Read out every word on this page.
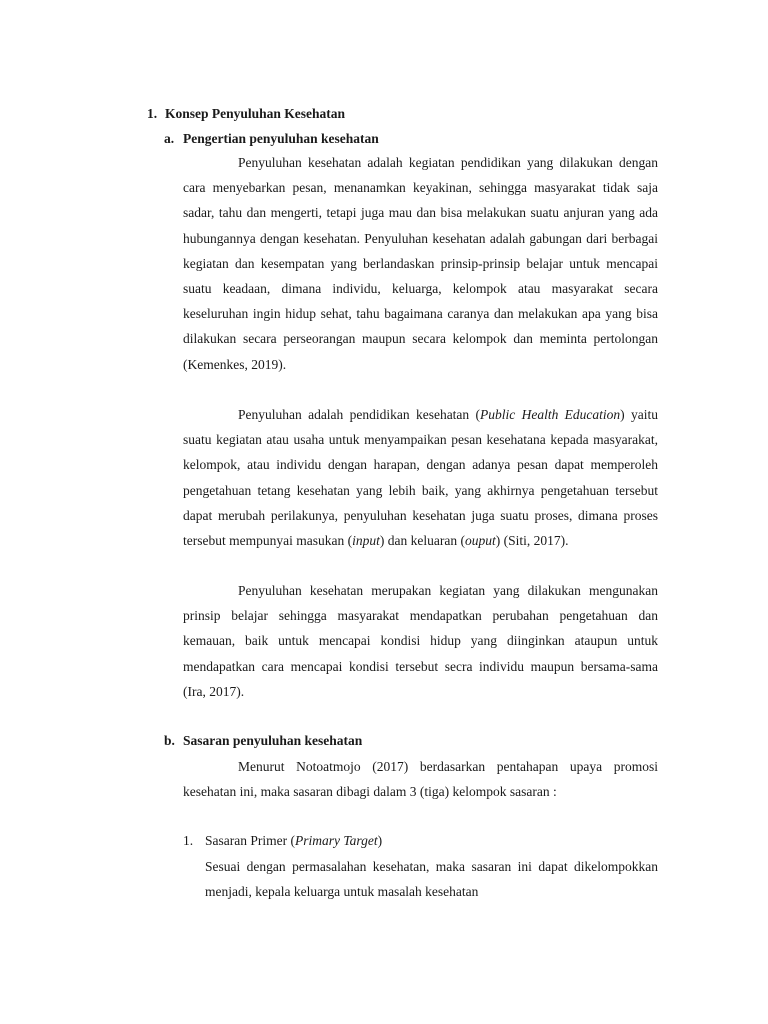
1. Konsep Penyuluhan Kesehatan
a. Pengertian penyuluhan kesehatan

Penyuluhan kesehatan adalah kegiatan pendidikan yang dilakukan dengan cara menyebarkan pesan, menanamkan keyakinan, sehingga masyarakat tidak saja sadar, tahu dan mengerti, tetapi juga mau dan bisa melakukan suatu anjuran yang ada hubungannya dengan kesehatan. Penyuluhan kesehatan adalah gabungan dari berbagai kegiatan dan kesempatan yang berlandaskan prinsip-prinsip belajar untuk mencapai suatu keadaan, dimana individu, keluarga, kelompok atau masyarakat secara keseluruhan ingin hidup sehat, tahu bagaimana caranya dan melakukan apa yang bisa dilakukan secara perseorangan maupun secara kelompok dan meminta pertolongan (Kemenkes, 2019).

Penyuluhan adalah pendidikan kesehatan (Public Health Education) yaitu suatu kegiatan atau usaha untuk menyampaikan pesan kesehatana kepada masyarakat, kelompok, atau individu dengan harapan, dengan adanya pesan dapat memperoleh pengetahuan tetang kesehatan yang lebih baik, yang akhirnya pengetahuan tersebut dapat merubah perilakunya, penyuluhan kesehatan juga suatu proses, dimana proses tersebut mempunyai masukan (input) dan keluaran (ouput) (Siti, 2017).

Penyuluhan kesehatan merupakan kegiatan yang dilakukan mengunakan prinsip belajar sehingga masyarakat mendapatkan perubahan pengetahuan dan kemauan, baik untuk mencapai kondisi hidup yang diinginkan ataupun untuk mendapatkan cara mencapai kondisi tersebut secra individu maupun bersama-sama (Ira, 2017).

b. Sasaran penyuluhan kesehatan

Menurut Notoatmojo (2017) berdasarkan pentahapan upaya promosi kesehatan ini, maka sasaran dibagi dalam 3 (tiga) kelompok sasaran :

1. Sasaran Primer (Primary Target)

Sesuai dengan permasalahan kesehatan, maka sasaran ini dapat dikelompokkan menjadi, kepala keluarga untuk masalah kesehatan
